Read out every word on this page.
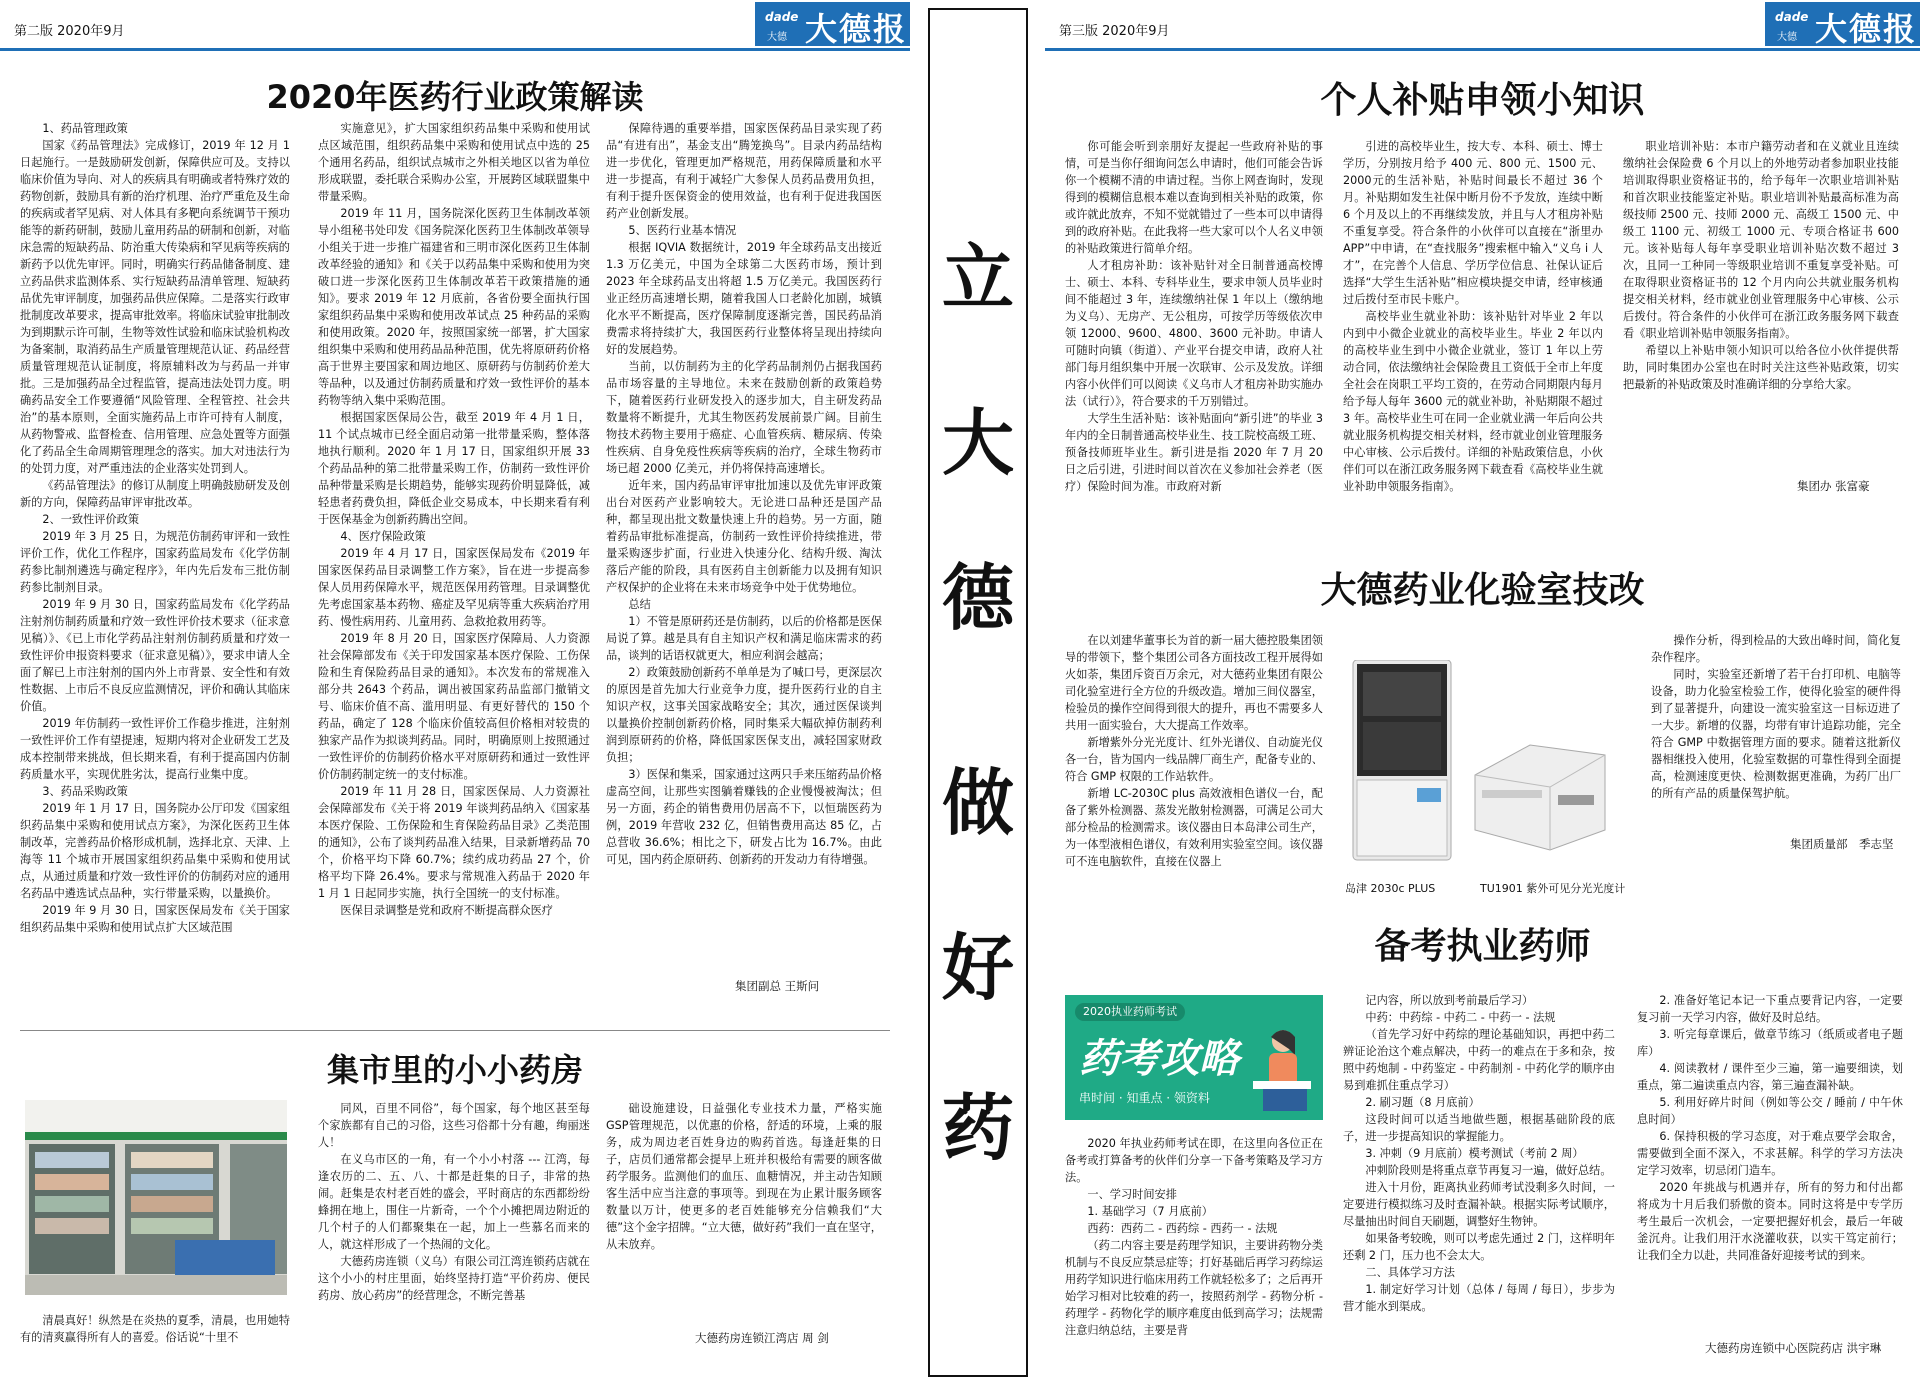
第二版 2020年9月
dade
大德 大德报
2020年医药行业政策解读

1、药品管理政策

国家《药品管理法》完成修订，2019 年 12 月 1 日起施行。一是鼓励研发创新，保障供应可及。支持以临床价值为导向、对人的疾病具有明确或者特殊疗效的药物创新，鼓励具有新的治疗机理、治疗严重危及生命的疾病或者罕见病、对人体具有多靶向系统调节干预功能等的新药研制，鼓励儿童用药品的研制和创新，对临床急需的短缺药品、防治重大传染病和罕见病等疾病的新药予以优先审评。同时，明确实行药品储备制度、建立药品供求监测体系、实行短缺药品清单管理、短缺药品优先审评制度，加强药品供应保障。二是落实行政审批制度改革要求，提高审批效率。将临床试验审批制改为到期默示许可制，生物等效性试验和临床试验机构改为备案制，取消药品生产质量管理规范认证、药品经营质量管理规范认证制度，将原辅料改为与药品一并审批。三是加强药品全过程监管，提高违法处罚力度。明确药品安全工作要遵循“风险管理、全程管控、社会共治”的基本原则，全面实施药品上市许可持有人制度，从药物警戒、监督检查、信用管理、应急处置等方面强化了药品全生命周期管理理念的落实。加大对违法行为的处罚力度，对严重违法的企业落实处罚到人。

《药品管理法》的修订从制度上明确鼓励研发及创新的方向，保障药品审评审批改革。

2、一致性评价政策

2019 年 3 月 25 日，为规范仿制药审评和一致性评价工作，优化工作程序，国家药监局发布《化学仿制药参比制剂遴选与确定程序》，年内先后发布三批仿制药参比制剂目录。

2019 年 9 月 30 日，国家药监局发布《化学药品注射剂仿制药质量和疗效一致性评价技术要求（征求意见稿）》、《已上市化学药品注射剂仿制药质量和疗效一致性评价申报资料要求（征求意见稿）》，要求申请人全面了解已上市注射剂的国内外上市背景、安全性和有效性数据、上市后不良反应监测情况，评价和确认其临床价值。

2019 年仿制药一致性评价工作稳步推进，注射剂一致性评价工作有望提速，短期内将对企业研发工艺及成本控制带来挑战，但长期来看，有利于提高国内仿制药质量水平，实现优胜劣汰，提高行业集中度。

3、药品采购政策

2019 年 1 月 17 日，国务院办公厅印发《国家组织药品集中采购和使用试点方案》，为深化医药卫生体制改革，完善药品价格形成机制，选择北京、天津、上海等 11 个城市开展国家组织药品集中采购和使用试点，从通过质量和疗效一致性评价的仿制药对应的通用名药品中遴选试点品种，实行带量采购，以量换价。

2019 年 9 月 30 日，国家医保局发布《关于国家组织药品集中采购和使用试点扩大区域范围

实施意见》，扩大国家组织药品集中采购和使用试点区域范围，组织药品集中采购和使用试点中选的 25 个通用名药品，组织试点城市之外相关地区以省为单位形成联盟，委托联合采购办公室，开展跨区域联盟集中带量采购。

2019 年 11 月，国务院深化医药卫生体制改革领导小组秘书处印发《国务院深化医药卫生体制改革领导小组关于进一步推广福建省和三明市深化医药卫生体制改革经验的通知》和《关于以药品集中采购和使用为突破口进一步深化医药卫生体制改革若干政策措施的通知》。要求 2019 年 12 月底前，各省份要全面执行国家组织药品集中采购和使用改革试点 25 种药品的采购和使用政策。2020 年，按照国家统一部署，扩大国家组织集中采购和使用药品品种范围，优先将原研药价格高于世界主要国家和周边地区、原研药与仿制药价差大等品种，以及通过仿制药质量和疗效一致性评价的基本药物等纳入集中采购范围。

根据国家医保局公告，截至 2019 年 4 月 1 日，11 个试点城市已经全面启动第一批带量采购，整体落地执行顺利。2020 年 1 月 17 日，国家组织开展 33 个药品品种的第二批带量采购工作，仿制药一致性评价品种带量采购是长期趋势，能够实现药价明显降低，减轻患者药费负担，降低企业交易成本，中长期来看有利于医保基金为创新药腾出空间。

4、医疗保险政策

2019 年 4 月 17 日，国家医保局发布《2019 年国家医保药品目录调整工作方案》，旨在进一步提高参保人员用药保障水平，规范医保用药管理。目录调整优先考虑国家基本药物、癌症及罕见病等重大疾病治疗用药、慢性病用药、儿童用药、急救抢救用药等。

2019 年 8 月 20 日，国家医疗保障局、人力资源社会保障部发布《关于印发国家基本医疗保险、工伤保险和生育保险药品目录的通知》。本次发布的常规准入部分共 2643 个药品，调出被国家药品监部门撤销文号、临床价值不高、滥用明显、有更好替代的 150 个药品，确定了 128 个临床价值较高但价格相对较贵的独家产品作为拟谈判药品。同时，明确原则上按照通过一致性评价的仿制药价格水平对原研药和通过一致性评价仿制药制定统一的支付标准。

2019 年 11 月 28 日，国家医保局、人力资源社会保障部发布《关于将 2019 年谈判药品纳入《国家基本医疗保险、工伤保险和生育保险药品目录》乙类范围的通知》，公布了谈判药品准入结果，目录新增药品 70 个，价格平均下降 60.7%；续约成功药品 27 个，价格平均下降 26.4%。要求与常规准入药品于 2020 年 1 月 1 日起同步实施，执行全国统一的支付标准。

医保目录调整是党和政府不断提高群众医疗

保障待遇的重要举措，国家医保药品目录实现了药品“有进有出”，基金支出“腾笼换鸟”。目录内药品结构进一步优化，管理更加严格规范，用药保障质量和水平进一步提高，有利于减轻广大参保人员药品费用负担，有利于提升医保资金的使用效益，也有利于促进我国医药产业创新发展。

5、医药行业基本情况

根据 IQVIA 数据统计，2019 年全球药品支出接近 1.3 万亿美元，中国为全球第二大医药市场，预计到 2023 年全球药品支出将超 1.5 万亿美元。我国医药行业正经历高速增长期，随着我国人口老龄化加剧，城镇化水平不断提高，医疗保障制度逐渐完善，国民药品消费需求将持续扩大，我国医药行业整体将呈现出持续向好的发展趋势。

当前，以仿制药为主的化学药品制剂仍占据我国药品市场容量的主导地位。未来在鼓励创新的政策趋势下，随着医药行业研发投入的逐步加大，自主研发药品数量将不断提升，尤其生物医药发展前景广阔。目前生物技术药物主要用于癌症、心血管疾病、糖尿病、传染性疾病、自身免疫性疾病等疾病的治疗，全球生物药市场已超 2000 亿美元，并仍将保持高速增长。

近年来，国内药品审评审批加速以及优先审评政策出台对医药产业影响较大。无论进口品种还是国产品种，都呈现出批文数量快速上升的趋势。另一方面，随着药品审批标准提高，仿制药一致性评价持续推进，带量采购逐步扩面，行业进入快速分化、结构升级、淘汰落后产能的阶段，具有医药自主创新能力以及拥有知识产权保护的企业将在未来市场竞争中处于优势地位。

总结

1）不管是原研药还是仿制药，以后的价格都是医保局说了算。越是具有自主知识产权和满足临床需求的药品，谈判的话语权就更大，相应利润会越高；

2）政策鼓励创新药不单单是为了喊口号，更深层次的原因是首先加大行业竞争力度，提升医药行业的自主知识产权，这事关国家战略安全；其次，通过医保谈判以量换价控制创新药价格，同时集采大幅砍掉仿制药利润到原研药的价格，降低国家医保支出，减轻国家财政负担；

3）医保和集采，国家通过这两只手来压缩药品价格虚高空间，让那些实图躺着赚钱的企业慢慢被淘汰；但另一方面，药企的销售费用仍居高不下，以恒瑞医药为例，2019 年营收 232 亿，但销售费用高达 85 亿，占总营收 36.6%；相比之下，研发占比为 16.7%。由此可见，国内药企原研药、创新药的开发动力有待增强。

集团副总 王斯问
集市里的小小药房

清晨真好！纵然是在炎热的夏季，清晨，也用她特有的清爽赢得所有人的喜爱。俗话说“十里不

同风，百里不同俗”，每个国家，每个地区甚至每个家族都有自己的习俗，这些习俗都十分有趣，绚丽迷人！

在义乌市区的一角，有一个小小村落 --- 江湾，每逢农历的二、五、八、十都是赶集的日子，非常的热闹。赶集是农村老百姓的盛会，平时商店的东西都纷纷蜂拥在地上，围住一片新奇，一个个小摊把周边附近的几个村子的人们都聚集在一起，加上一些慕名而来的人，就这样形成了一个热闹的文化。

大德药房连锁（义乌）有限公司江湾连锁药店就在这个小小的村庄里面，始终坚持打造“平价药房、便民药房、放心药房”的经营理念，不断完善基

础设施建设，日益强化专业技术力量，严格实施GSP管理规范，以优惠的价格，舒适的环境，上乘的服务，成为周边老百姓身边的购药首选。每逢赶集的日子，店员们通常都会提早上班并积极给有需要的顾客做药学服务。监测他们的血压、血糖情况，并主动告知顾客生活中应当注意的事项等。到现在为止累计服务顾客数量以万计，使更多的老百姓能够充分信赖我们“大德”这个金字招牌。“立大德，做好药”我们一直在坚守，从未放弃。

大德药房连锁江湾店 周 剑
立
大
德
做
好
药
第三版 2020年9月
dade
大德 大德报
个人补贴申领小知识

你可能会听到亲朋好友提起一些政府补贴的事情，可是当你仔细询问怎么申请时，他们可能会告诉你一个模糊不清的申请过程。当你上网查询时，发现得到的模糊信息根本难以查询到相关补贴的政策，你或许就此放弃，不知不觉就错过了一些本可以申请得到的政府补贴。在此我将一些大家可以个人名义申领的补贴政策进行简单介绍。

人才租房补助：该补贴针对全日制普通高校博士、硕士、本科、专科毕业生，要求申领人员毕业时间不能超过 3 年，连续缴纳社保 1 年以上（缴纳地为义乌）、无房产、无公租房，可按学历等级依次申领 12000、9600、4800、3600 元补助。申请人可随时向镇（街道）、产业平台提交申请，政府人社部门每月组织集中开展一次联审、公示及发放。详细内容小伙伴们可以阅读《义乌市人才租房补助实施办法（试行）》，符合要求的千万别错过。

大学生生活补贴：该补贴面向“新引进”的毕业 3 年内的全日制普通高校毕业生、技工院校高级工班、预备技师班毕业生。新引进是指 2020 年 7 月 20 日之后引进，引进时间以首次在义参加社会养老（医疗）保险时间为准。市政府对新

引进的高校毕业生，按大专、本科、硕士、博士学历，分别按月给予 400 元、800 元、1500 元、2000元的生活补贴，补贴时间最长不超过 36 个月。补贴期如发生社保中断月份不予发放，连续中断 6 个月及以上的不再继续发放，并且与人才租房补贴不重复享受。符合条件的小伙伴可以直接在“浙里办 APP”中申请，在“查找服务”搜索框中输入“义乌 i 人才”，在完善个人信息、学历学位信息、社保认证后选择“大学生生活补贴”相应模块提交申请，经审核通过后拨付至市民卡账户。

高校毕业生就业补助：该补贴针对毕业 2 年以内到中小微企业就业的高校毕业生。毕业 2 年以内的高校毕业生到中小微企业就业，签订 1 年以上劳动合同，依法缴纳社会保险费且工资低于全市上年度全社会在岗职工平均工资的，在劳动合同期限内每月给予每人每年 3600 元的就业补助，补贴期限不超过 3 年。高校毕业生可在同一企业就业满一年后向公共就业服务机构提交相关材料，经市就业创业管理服务中心审核、公示后拨付。详细的补贴政策信息，小伙伴们可以在浙江政务服务网下载查看《高校毕业生就业补助申领服务指南》。

职业培训补贴：本市户籍劳动者和在义就业且连续缴纳社会保险费 6 个月以上的外地劳动者参加职业技能培训取得职业资格证书的，给予每年一次职业培训补贴和首次职业技能鉴定补贴。职业培训补贴最高标准为高级技师 2500 元、技师 2000 元、高级工 1500 元、中级工 1100 元、初级工 1000 元、专项合格证书 600 元。该补贴每人每年享受职业培训补贴次数不超过 3 次，且同一工种同一等级职业培训不重复享受补贴。可在取得职业资格证书的 12 个月内向公共就业服务机构提交相关材料，经市就业创业管理服务中心审核、公示后拨付。符合条件的小伙伴可在浙江政务服务网下载查看《职业培训补贴申领服务指南》。

希望以上补贴申领小知识可以给各位小伙伴提供帮助，同时集团办公室也在时时关注这些补贴政策，切实把最新的补贴政策及时准确详细的分享给大家。

集团办 张富豪
大德药业化验室技改

在以刘建华董事长为首的新一届大德控股集团领导的带领下，整个集团公司各方面技改工程开展得如火如荼，集团斥资百万余元，对大德药业集团有限公司化验室进行全方位的升级改造。增加三间仪器室，检验员的操作空间得到很大的提升，再也不需要多人共用一面实验台，大大提高工作效率。

新增紫外分光光度计、红外光谱仪、自动旋光仪各一台，皆为国内一线品牌厂商生产，配备专业的、符合 GMP 权限的工作站软件。

新增 LC-2030C plus 高效液相色谱仪一台，配备了紫外检测器、蒸发光散射检测器，可满足公司大部分检品的检测需求。该仪器由日本岛津公司生产，为一体型液相色谱仪，有效利用实验室空间。该仪器可不连电脑软件，直接在仪器上

岛津 2030c PLUS	TU1901 紫外可见分光光度计

操作分析，得到检品的大致出峰时间，简化复杂作程序。

同时，实验室还新增了若干台打印机、电脑等设备，助力化验室检验工作，使得化验室的硬件得到了显著提升，向建设一流实验室这一目标迈进了一大步。新增的仪器，均带有审计追踪功能，完全符合 GMP 中数据管理方面的要求。随着这批新仪器相继投入使用，化验室数据的可靠性得到全面提高，检测速度更快、检测数据更准确，为药厂出厂的所有产品的质量保驾护航。

集团质量部　季志坚
备考执业药师
2020执业药师考试
药考攻略
串时间 · 知重点 · 领资料

2020 年执业药师考试在即，在这里向各位正在备考或打算备考的伙伴们分享一下备考策略及学习方法。

一、学习时间安排

1. 基础学习（7 月底前）

西药：西药二 - 西药综 - 西药一 - 法规

（药二内容主要是药理学知识，主要讲药物分类机制与不良反应禁忌症等；打好基础后再学习药综运用药学知识进行临床用药工作就轻松多了；之后再开始学习相对比较难的药一，按照药剂学 - 药物分析 - 药理学 - 药物化学的顺序难度由低到高学习；法规需注意归纳总结，主要是背

记内容，所以放到考前最后学习）

中药：中药综 - 中药二 - 中药一 - 法规

（首先学习好中药综的理论基础知识，再把中药二辨证论治这个难点解决，中药一的难点在于多和杂，按照中药炮制 - 中药鉴定 - 中药制剂 - 中药化学的顺序由易到难抓住重点学习）

2. 刷习题（8 月底前）

这段时间可以适当地做些题，根据基础阶段的底子，进一步提高知识的掌握能力。

3. 冲刺（9 月底前）模考测试（考前 2 周）

冲刺阶段则是将重点章节再复习一遍，做好总结。

进入十月份，距离执业药师考试没剩多久时间，一定要进行模拟练习及时查漏补缺。根据实际考试顺序，尽量抽出时间自天刷题，调整好生物钟。

如果备考较晚，则可以考虑先通过 2 门，这样明年还剩 2 门，压力也不会太大。

二、具体学习方法

1. 制定好学习计划（总体 / 每周 / 每日），步步为营才能水到渠成。

2. 准备好笔记本记一下重点要背记内容，一定要复习前一天学习内容，做好及时总结。

3. 听完每章课后，做章节练习（纸质或者电子题库）

4. 阅读教材 / 课件至少三遍，第一遍要细读，划重点，第二遍读重点内容，第三遍查漏补缺。

5. 利用好碎片时间（例如等公交 / 睡前 / 中午休息时间）

6. 保持积极的学习态度，对于难点要学会取舍，需要做到全面不深入，不求甚解。科学的学习方法决定学习效率，切忌闭门造车。

2020 年挑战与机遇并存，所有的努力和付出都将成为十月后我们骄傲的资本。同时这将是中专学历考生最后一次机会，一定要把握好机会，最后一年破釜沉舟。让我们用汗水浇灌收获，以实干笃定前行；让我们全力以赴，共同准备好迎接考试的到来。

大德药房连锁中心医院药店 洪宇琳
